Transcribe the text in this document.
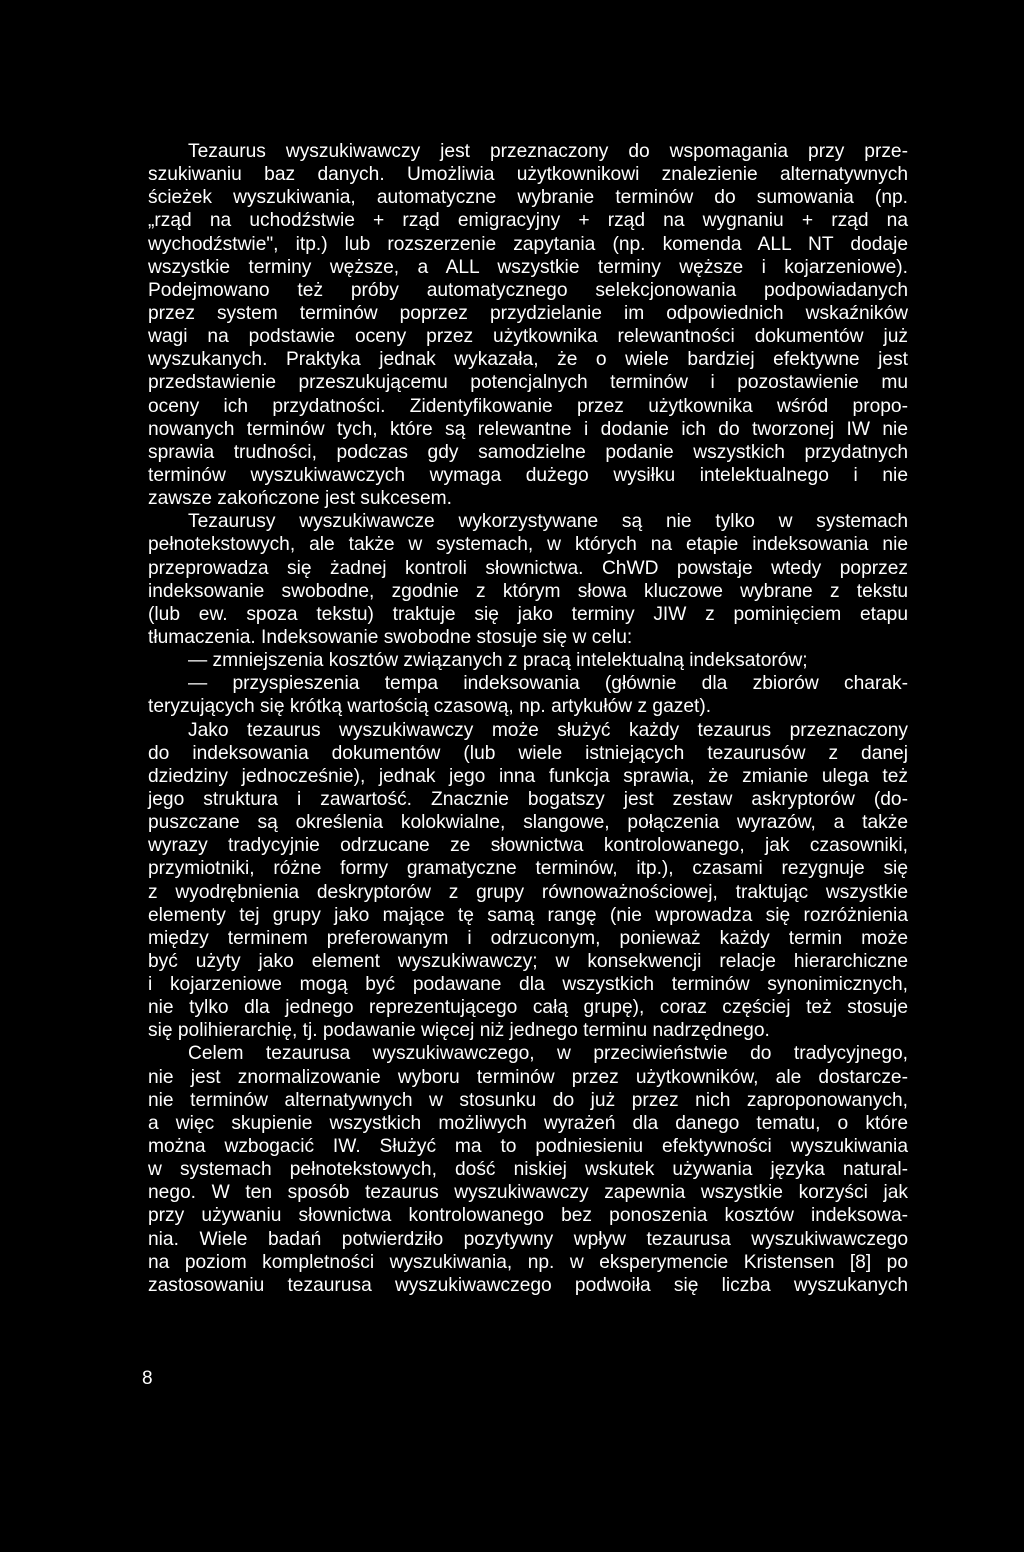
Tezaurus wyszukiwawczy jest przeznaczony do wspomagania przy prze-
szukiwaniu baz danych. Umożliwia użytkownikowi znalezienie alternatywnych
ścieżek wyszukiwania, automatyczne wybranie terminów do sumowania (np.
„rząd na uchodźstwie + rząd emigracyjny + rząd na wygnaniu + rząd na
wychodźstwie", itp.) lub rozszerzenie zapytania (np. komenda ALL NT dodaje
wszystkie terminy węższe, a ALL wszystkie terminy węższe i kojarzeniowe).
Podejmowano też próby automatycznego selekcjonowania podpowiadanych
przez system terminów poprzez przydzielanie im odpowiednich wskaźników
wagi na podstawie oceny przez użytkownika relewantności dokumentów już
wyszukanych. Praktyka jednak wykazała, że o wiele bardziej efektywne jest
przedstawienie przeszukującemu potencjalnych terminów i pozostawienie mu
oceny ich przydatności. Zidentyfikowanie przez użytkownika wśród propo-
nowanych terminów tych, które są relewantne i dodanie ich do tworzonej IW nie
sprawia trudności, podczas gdy samodzielne podanie wszystkich przydatnych
terminów wyszukiwawczych wymaga dużego wysiłku intelektualnego i nie
zawsze zakończone jest sukcesem.
Tezaurusy wyszukiwawcze wykorzystywane są nie tylko w systemach
pełnotekstowych, ale także w systemach, w których na etapie indeksowania nie
przeprowadza się żadnej kontroli słownictwa. ChWD powstaje wtedy poprzez
indeksowanie swobodne, zgodnie z którym słowa kluczowe wybrane z tekstu
(lub ew. spoza tekstu) traktuje się jako terminy JIW z pominięciem etapu
tłumaczenia. Indeksowanie swobodne stosuje się w celu:
— zmniejszenia kosztów związanych z pracą intelektualną indeksatorów;
— przyspieszenia tempa indeksowania (głównie dla zbiorów charak-
teryzujących się krótką wartością czasową, np. artykułów z gazet).
Jako tezaurus wyszukiwawczy może służyć każdy tezaurus przeznaczony
do indeksowania dokumentów (lub wiele istniejących tezaurusów z danej
dziedziny jednocześnie), jednak jego inna funkcja sprawia, że zmianie ulega też
jego struktura i zawartość. Znacznie bogatszy jest zestaw askryptorów (do-
puszczane są określenia kolokwialne, slangowe, połączenia wyrazów, a także
wyrazy tradycyjnie odrzucane ze słownictwa kontrolowanego, jak czasowniki,
przymiotniki, różne formy gramatyczne terminów, itp.), czasami rezygnuje się
z wyodrębnienia deskryptorów z grupy równoważnościowej, traktując wszystkie
elementy tej grupy jako mające tę samą rangę (nie wprowadza się rozróżnienia
między terminem preferowanym i odrzuconym, ponieważ każdy termin może
być użyty jako element wyszukiwawczy; w konsekwencji relacje hierarchiczne
i kojarzeniowe mogą być podawane dla wszystkich terminów synonimicznych,
nie tylko dla jednego reprezentującego całą grupę), coraz częściej też stosuje
się polihierarchię, tj. podawanie więcej niż jednego terminu nadrzędnego.
Celem tezaurusa wyszukiwawczego, w przeciwieństwie do tradycyjnego,
nie jest znormalizowanie wyboru terminów przez użytkowników, ale dostarcze-
nie terminów alternatywnych w stosunku do już przez nich zaproponowanych,
a więc skupienie wszystkich możliwych wyrażeń dla danego tematu, o które
można wzbogacić IW. Służyć ma to podniesieniu efektywności wyszukiwania
w systemach pełnotekstowych, dość niskiej wskutek używania języka natural-
nego. W ten sposób tezaurus wyszukiwawczy zapewnia wszystkie korzyści jak
przy używaniu słownictwa kontrolowanego bez ponoszenia kosztów indeksowa-
nia. Wiele badań potwierdziło pozytywny wpływ tezaurusa wyszukiwawczego
na poziom kompletności wyszukiwania, np. w eksperymencie Kristensen [8] po
zastosowaniu tezaurusa wyszukiwawczego podwoiła się liczba wyszukanych
8
